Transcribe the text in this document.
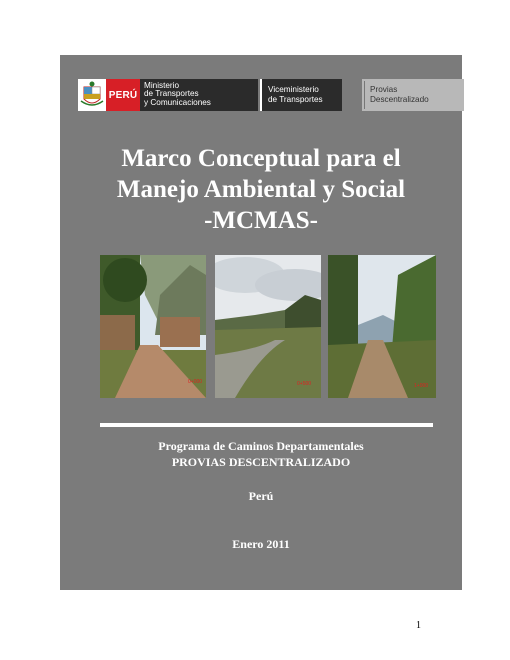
PERÚ
Ministerio
de Transportes
y Comunicaciones
Viceministerio
de Transportes
Provias
Descentralizado
Marco Conceptual para el
Manejo Ambiental y Social
-MCMAS-
0+000	0+500	1+000
Programa de Caminos Departamentales
PROVIAS DESCENTRALIZADO
Perú
Enero 2011
1
